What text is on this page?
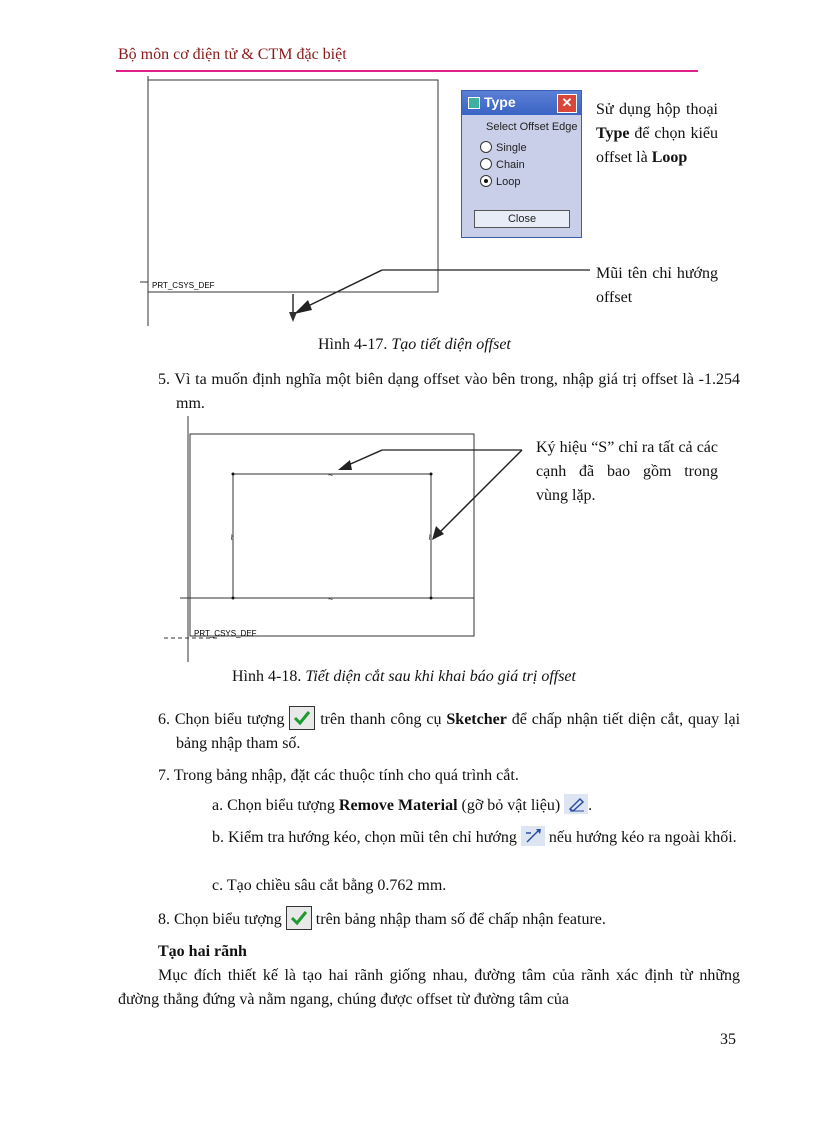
Bộ môn cơ điện tử & CTM đặc biệt
PRT_CSYS_DEF
Type	✕
Select Offset Edge
Single
Chain
Loop
Close
Sử dụng hộp thoại Type để chọn kiểu offset là Loop
Mũi tên chỉ hướng offset
Hình 4-17. Tạo tiết diện offset
5. Vì ta muốn định nghĩa một biên dạng offset vào bên trong, nhập giá trị offset là -1.254 mm.
~
~
≀	≀
PRT_CSYS_DEF
Ký hiệu “S” chỉ ra tất cả các cạnh đã bao gồm trong vùng lặp.
Hình 4-18. Tiết diện cắt sau khi khai báo giá trị offset
6. Chọn biểu tượng
trên thanh công cụ Sketcher để chấp nhận tiết diện cắt, quay lại bảng nhập tham số.
7. Trong bảng nhập, đặt các thuộc tính cho quá trình cắt.
a. Chọn biểu tượng Remove Material (gỡ bỏ vật liệu)
.
b. Kiểm tra hướng kéo, chọn mũi tên chỉ hướng
nếu hướng kéo ra ngoài khối.
c. Tạo chiều sâu cắt bằng 0.762 mm.
8. Chọn biểu tượng
trên bảng nhập tham số để chấp nhận feature.
Tạo hai rãnh
Mục đích thiết kế là tạo hai rãnh giống nhau, đường tâm của rãnh xác định từ những đường thẳng đứng và nằm ngang, chúng được offset từ đường tâm của
35
